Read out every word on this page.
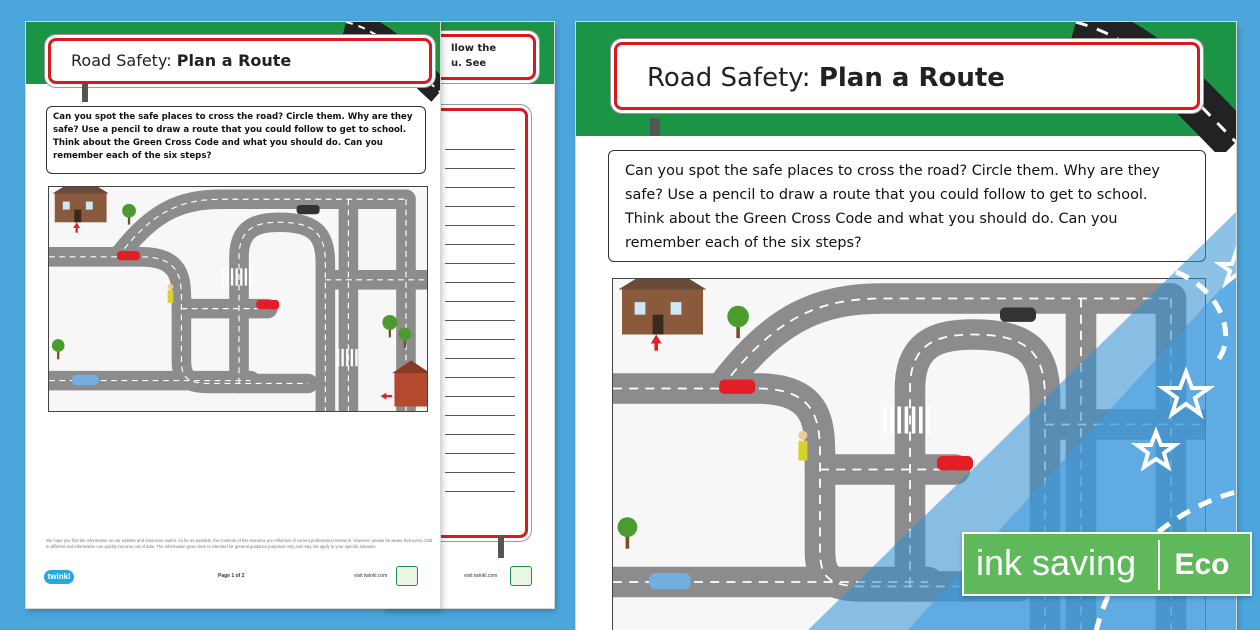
llow the
u. See
visit twinkl.com
Road Safety: Plan a Route
Can you spot the safe places to cross the road? Circle them. Why are they safe? Use a pencil to draw a route that you could follow to get to school. Think about the Green Cross Code and what you should do. Can you remember each of the six steps?
We hope you find the information on our website and resources useful. As far as possible, the contents of this resource are reflective of current professional research. However, please be aware that every child is different and information can quickly become out of date. The information given here is intended for general guidance purposes only and may not apply to your specific situation.
twinkl	Page 1 of 2	visit twinkl.com
Road Safety: Plan a Route
Can you spot the safe places to cross the road? Circle them. Why are they safe? Use a pencil to draw a route that you could follow to get to school. Think about the Green Cross Code and what you should do. Can you remember each of the six steps?
ink saving	Eco
